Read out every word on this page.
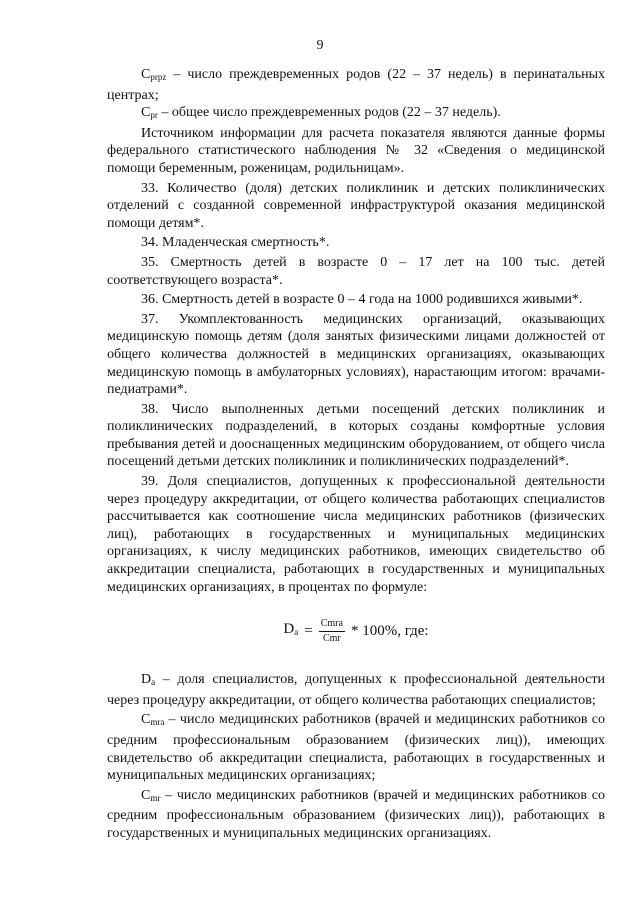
9

$C_{prpz}$ – число преждевременных родов (22 – 37 недель) в перинатальных центрах;

$C_{pr}$ – общее число преждевременных родов (22 – 37 недель).

Источником информации для расчета показателя являются данные формы федерального статистического наблюдения № 32 «Сведения о медицинской помощи беременным, роженицам, родильницам».

33. Количество (доля) детских поликлиник и детских поликлинических отделений с созданной современной инфраструктурой оказания медицинской помощи детям*.

34. Младенческая смертность*.

35. Смертность детей в возрасте 0 – 17 лет на 100 тыс. детей соответствующего возраста*.

36. Смертность детей в возрасте 0 – 4 года на 1000 родившихся живыми*.

37. Укомплектованность медицинских организаций, оказывающих медицинскую помощь детям (доля занятых физическими лицами должностей от общего количества должностей в медицинских организациях, оказывающих медицинскую помощь в амбулаторных условиях), нарастающим итогом: врачами-педиатрами*.

38. Число выполненных детьми посещений детских поликлиник и поликлинических подразделений, в которых созданы комфортные условия пребывания детей и дооснащенных медицинским оборудованием, от общего числа посещений детьми детских поликлиник и поликлинических подразделений*.

39. Доля специалистов, допущенных к профессиональной деятельности через процедуру аккредитации, от общего количества работающих специалистов рассчитывается как соотношение числа медицинских работников (физических лиц), работающих в государственных и муниципальных медицинских организациях, к числу медицинских работников, имеющих свидетельство об аккредитации специалиста, работающих в государственных и муниципальных медицинских организациях, в процентах по формуле:

$D_a = \frac{\text{Cmra}}{\text{Cmr}} * 100\%$, где:

$D_a$ – доля специалистов, допущенных к профессиональной деятельности через процедуру аккредитации, от общего количества работающих специалистов;

$C_{mra}$ – число медицинских работников (врачей и медицинских работников со средним профессиональным образованием (физических лиц)), имеющих свидетельство об аккредитации специалиста, работающих в государственных и муниципальных медицинских организациях;

$C_{mr}$ – число медицинских работников (врачей и медицинских работников со средним профессиональным образованием (физических лиц)), работающих в государственных и муниципальных медицинских организациях.
